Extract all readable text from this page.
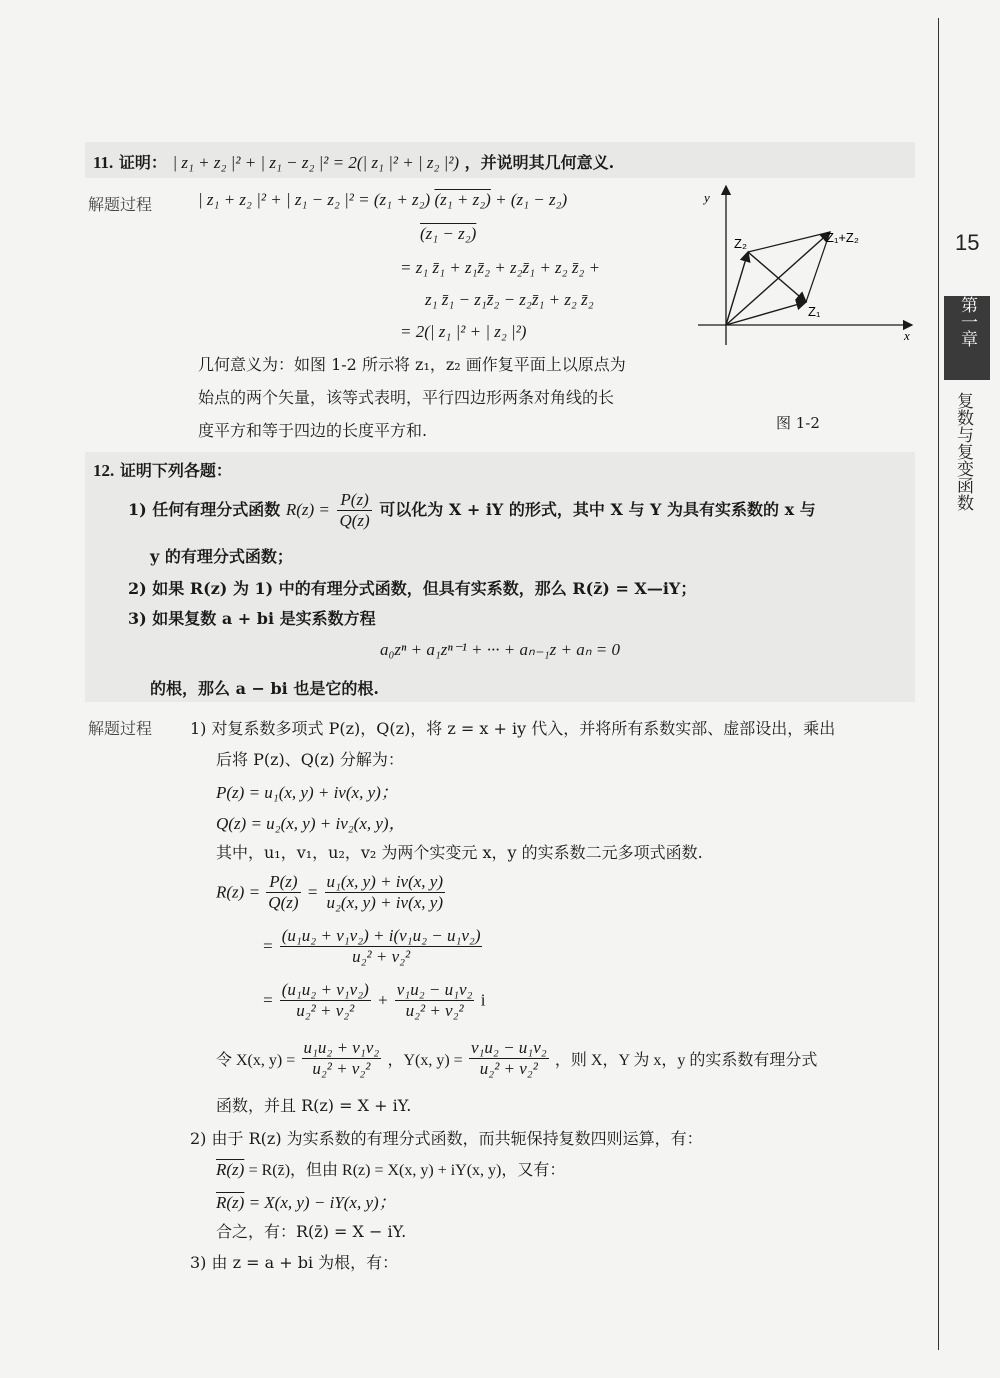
15
第一章
复数与复变函数
11. 证明： | z₁ + z₂ |² + | z₁ − z₂ |² = 2(| z₁ |² + | z₂ |²) ，并说明其几何意义.
解题过程	| z₁ + z₂ |² + | z₁ − z₂ |² = (z₁ + z₂) (z₁ + z₂) + (z₁ − z₂)
(z₁ − z₂)
= z₁ z̄₁ + z₁z̄₂ + z₂z̄₁ + z₂ z̄₂ +
z₁ z̄₁ − z₁z̄₂ − z₂z̄₁ + z₂ z̄₂
= 2(| z₁ |² + | z₂ |²)
几何意义为：如图 1-2 所示将 z₁，z₂ 画作复平面上以原点为
始点的两个矢量，该等式表明，平行四边形两条对角线的长
度平方和等于四边的长度平方和.
y
x
Z₁
Z₂	Z₁+Z₂
图 1-2
12. 证明下列各题：
1) 任何有理分式函数 $R(z) = \frac{P(z)}{Q(z)}$ 可以化为 X + iY 的形式，其中 X 与 Y 为具有实系数的 x 与
y 的有理分式函数；
2) 如果 R(z) 为 1) 中的有理分式函数，但具有实系数，那么 R(z̄) = X—iY；
3) 如果复数 a + bi 是实系数方程
a₀zⁿ + a₁zⁿ⁻¹ + ··· + aₙ₋₁z + aₙ = 0
的根，那么 a − bi 也是它的根.
解题过程 1) 对复系数多项式 P(z)，Q(z)，将 z = x + iy 代入，并将所有系数实部、虚部设出，乘出
后将 P(z)、Q(z) 分解为：
P(z) = u₁(x, y) + iv(x, y)；
Q(z) = u₂(x, y) + iv₂(x, y)，
其中，u₁，v₁，u₂，v₂ 为两个实变元 x，y 的实系数二元多项式函数.
$R(z) = \frac{P(z)}{Q(z)} = \frac{\text{u₁(x, y) + iv(x, y)}}{\text{u₂(x, y) + iv(x, y)}}$
= $\frac{\text{(u₁u₂ + v₁v₂) + i(v₁u₂ − u₁v₂)}}{\text{u₂² + v₂²}}$
= $\frac{\text{(u₁u₂ + v₁v₂)}}{\text{u₂² + v₂²}} + \frac{\text{v₁u₂ − u₁v₂}}{\text{u₂² + v₂²}}$ i
令 X(x, $y) = \frac{\text{u₁u₂ + v₁v₂}}{\text{u₂² + v₂²}}$ ，Y(x, $y) = \frac{\text{v₁u₂ − u₁v₂}}{\text{u₂² + v₂²}}$ ，则 X，Y 为 x，y 的实系数有理分式
函数，并且 R(z) = X + iY.
2) 由于 R(z) 为实系数的有理分式函数，而共轭保持复数四则运算，有：
R(z) = R(z̄)，但由 R(z) = X(x, y) + iY(x, y)，又有：
R(z) = X(x, y) − iY(x, y)；
合之，有：R(z̄) = X − iY.
3) 由 z = a + bi 为根，有：
